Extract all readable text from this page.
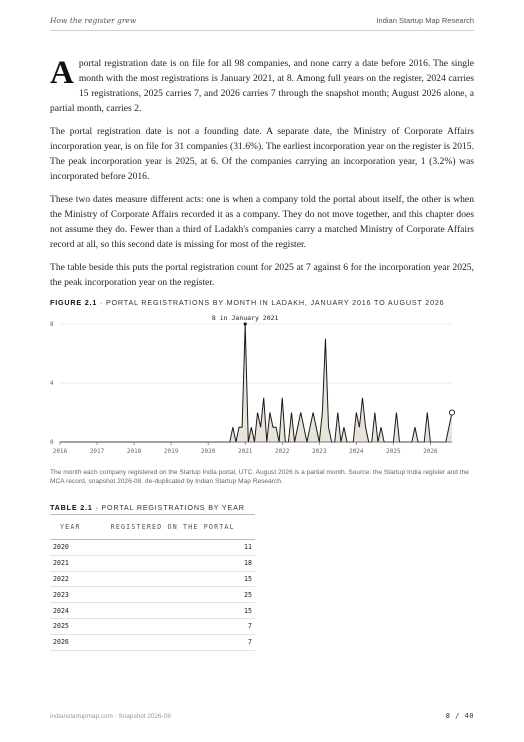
How the register grew	Indian Startup Map Research

Aportal registration date is on file for all 98 companies, and none carry a date before 2016. The single month with the most registrations is January 2021, at 8. Among full years on the register, 2024 carries 15 registrations, 2025 carries 7, and 2026 carries 7 through the snapshot month; August 2026 alone, a partial month, carries 2.

The portal registration date is not a founding date. A separate date, the Ministry of Corporate Affairs incorporation year, is on file for 31 companies (31.6%). The earliest incorporation year on the register is 2015. The peak incorporation year is 2025, at 6. Of the companies carrying an incorporation year, 1 (3.2%) was incorporated before 2016.

These two dates measure different acts: one is when a company told the portal about itself, the other is when the Ministry of Corporate Affairs recorded it as a company. They do not move together, and this chapter does not assume they do. Fewer than a third of Ladakh's companies carry a matched Ministry of Corporate Affairs record at all, so this second date is missing for most of the register.

The table beside this puts the portal registration count for 2025 at 7 against 6 for the incorporation year 2025, the peak incorporation year on the register.

FIGURE 2.1 · PORTAL REGISTRATIONS BY MONTH IN LADAKH, JANUARY 2016 TO AUGUST 2026
8 in January 2021
0
4
8
2016	2017	2018	2019	2020	2021	2022	2023	2024	2025	2026
The month each company registered on the Startup India portal, UTC. August 2026 is a partial month. Source: the Startup India register and the MCA record, snapshot 2026-08, de-duplicated by Indian Startup Map Research.
TABLE 2.1 · PORTAL REGISTRATIONS BY YEAR
YEAR	REGISTERED ON THE PORTAL
2020	11
2021	18
2022	15
2023	25
2024	15
2025	7
2026	7
indianstartupmap.com · Snapshot 2026-08	8 / 40
